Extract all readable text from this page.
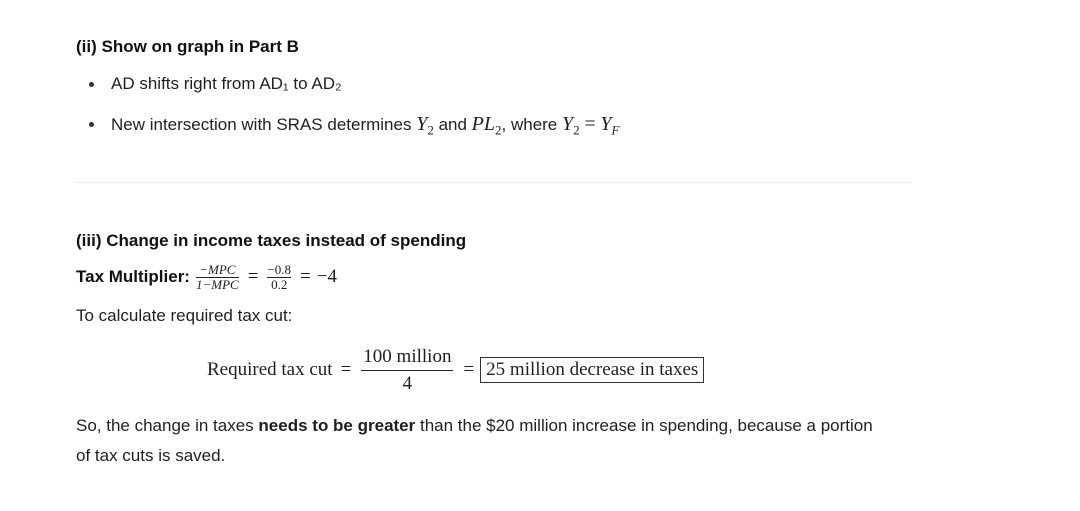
(ii) Show on graph in Part B
AD shifts right from AD₁ to AD₂
New intersection with SRAS determines $Y_2$ and $PL_2$, where $Y_2 = Y_F$
(iii) Change in income taxes instead of spending
Tax Multiplier: $\frac{\text{−MPC}}{\text{1−MPC}} = \frac{-0.8}{0.2} = -4$
To calculate required tax cut:
Required tax cut = $\frac{\text{100 million}}{4} = 25$ million decrease in taxes
So, the change in taxes needs to be greater than the $20 million increase in spending, because a portion
of tax cuts is saved.
